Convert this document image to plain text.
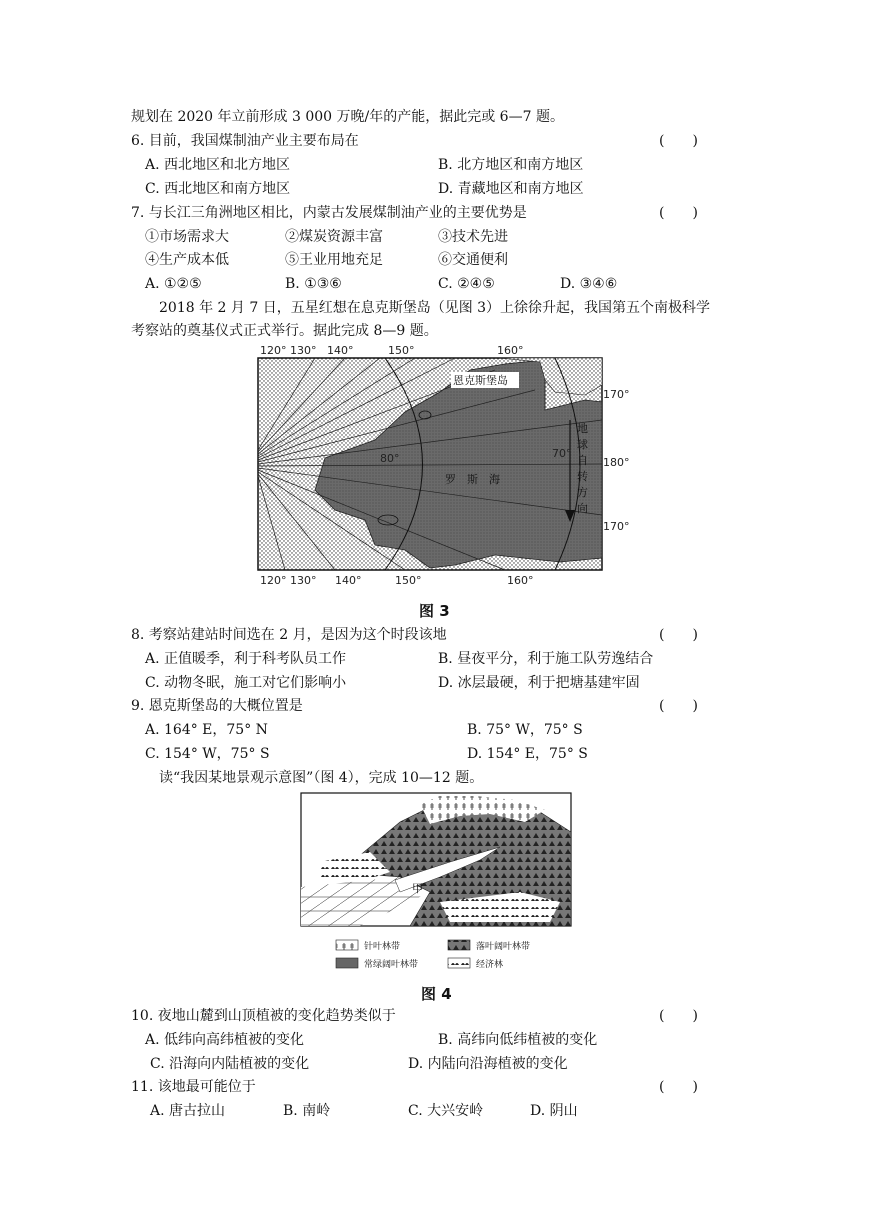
规划在 2020 年立前形成 3 000 万晚/年的产能，据此完或 6—7 题。
6. 目前，我国煤制油产业主要布局在	(　　)
A. 西北地区和北方地区	B. 北方地区和南方地区
C. 西北地区和南方地区	D. 青藏地区和南方地区
7. 与长江三角洲地区相比，内蒙古发展煤制油产业的主要优势是	(　　)
①市场需求大	②煤炭资源丰富	③技术先进
④生产成本低	⑤王业用地充足	⑥交通便利
A. ①②⑤	B. ①③⑥	C. ②④⑤	D. ③④⑥
2018 年 2 月 7 日，五星红想在息克斯堡岛（见图 3）上徐徐升起，我国第五个南极科学
考察站的奠基仪式正式举行。据此完成 8—9 题。
120° 130° 140°	150°	160°
120° 130° 140°	150°	160°
170°
180°
170°
恩克斯堡岛
80°	70°
罗　斯　海
地
球
自
转
方
向
图 3
8. 考察站建站时间选在 2 月，是因为这个时段该地	(　　)
A. 正值暖季，利于科考队员工作	B. 昼夜平分，利于施工队劳逸结合
C. 动物冬眠，施工对它们影响小	D. 冰层最硬，利于把塘基建牢固
9. 恩克斯堡岛的大概位置是	(　　)
A. 164° E，75° N	B. 75° W，75° S
C. 154° W，75° S	D. 154° E，75° S
读“我因某地景观示意图”（图 4），完成 10—12 题。
甲
针叶林带	落叶阔叶林带
常绿阔叶林带	经济林
图 4
10. 夜地山麓到山顶植被的变化趋势类似于	(　　)
A. 低纬向高纬植被的变化	B. 高纬向低纬植被的变化
C. 沿海向内陆植被的变化	D. 内陆向沿海植被的变化
11. 该地最可能位于	(　　)
A. 唐古拉山	B. 南岭	C. 大兴安岭	D. 阴山
